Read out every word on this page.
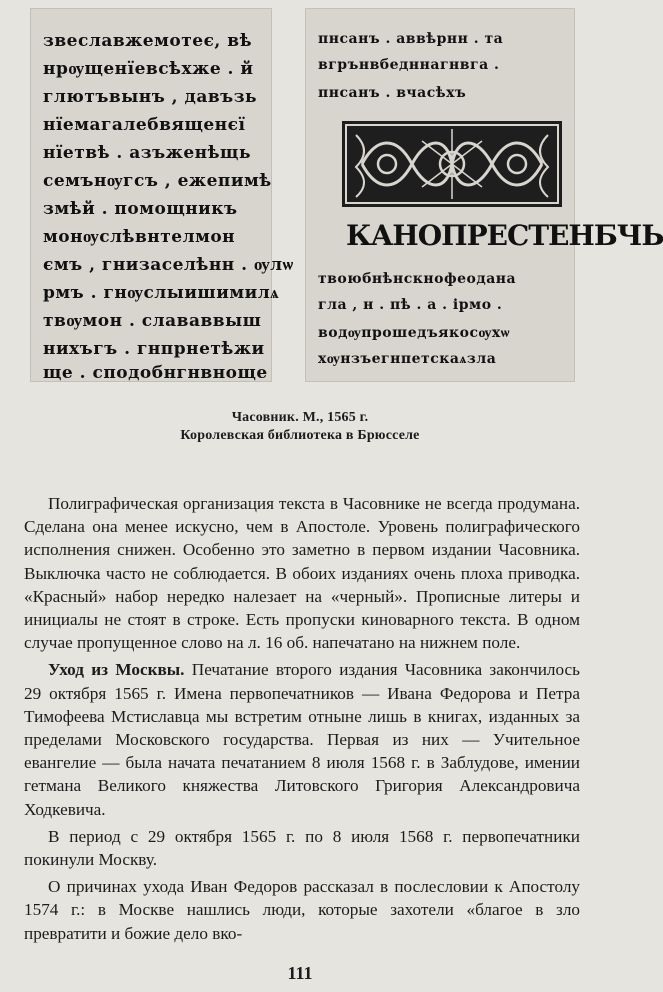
звеславжемотеє, вѣ
нрѹщенїевсѣхже . й
глютъвынъ , давъзь
нїемагалебвященєї
нїетвѣ . азъженѣщь
семънѹгсъ , ежепимѣ
змѣй . помощникъ
монѹслѣвнтелмон
ємъ , гнизаселѣнн . ѹлѡ
рмъ . гнѹслыишимилѧ
твѹмон . слававвыш
нихъгъ . гнпрнетѣжи
ще . сподобнгнвноще
пнсанъ . аввѣрнн . та
вгрънвбедннагнвга .
пнсанъ . вчасѣхъ
КАНОПРЕСТЕНБЧЬ
твоюбнѣнскнофеодана
гла , н . пѣ . а . ірмо .
водѹпрошедъякосѹхѡ
хѹнзъегнпетскаѧзла
Часовник. М., 1565 г.
Королевская библиотека в Брюсселе

Полиграфическая организация текста в Часовнике не всегда продумана. Сделана она менее искусно, чем в Апостоле. Уровень полиграфического исполнения снижен. Особенно это заметно в первом издании Часовника. Выключка часто не соблюдается. В обоих изданиях очень плоха приводка. «Красный» набор нередко налезает на «черный». Прописные литеры и инициалы не стоят в строке. Есть пропуски киноварного текста. В одном случае пропущенное слово на л. 16 об. напечатано на нижнем поле.

Уход из Москвы. Печатание второго издания Часовника закончилось 29 октября 1565 г. Имена первопечатников — Ивана Федорова и Петра Тимофеева Мстиславца мы встретим отныне лишь в книгах, изданных за пределами Московского государства. Первая из них — Учительное евангелие — была начата печатанием 8 июля 1568 г. в Заблудове, имении гетмана Великого княжества Литовского Григория Александровича Ходкевича.

В период с 29 октября 1565 г. по 8 июля 1568 г. первопечатники покинули Москву.

О причинах ухода Иван Федоров рассказал в послесловии к Апостолу 1574 г.: в Москве нашлись люди, которые захотели «благое в зло превратити и божие дело вко-

111
